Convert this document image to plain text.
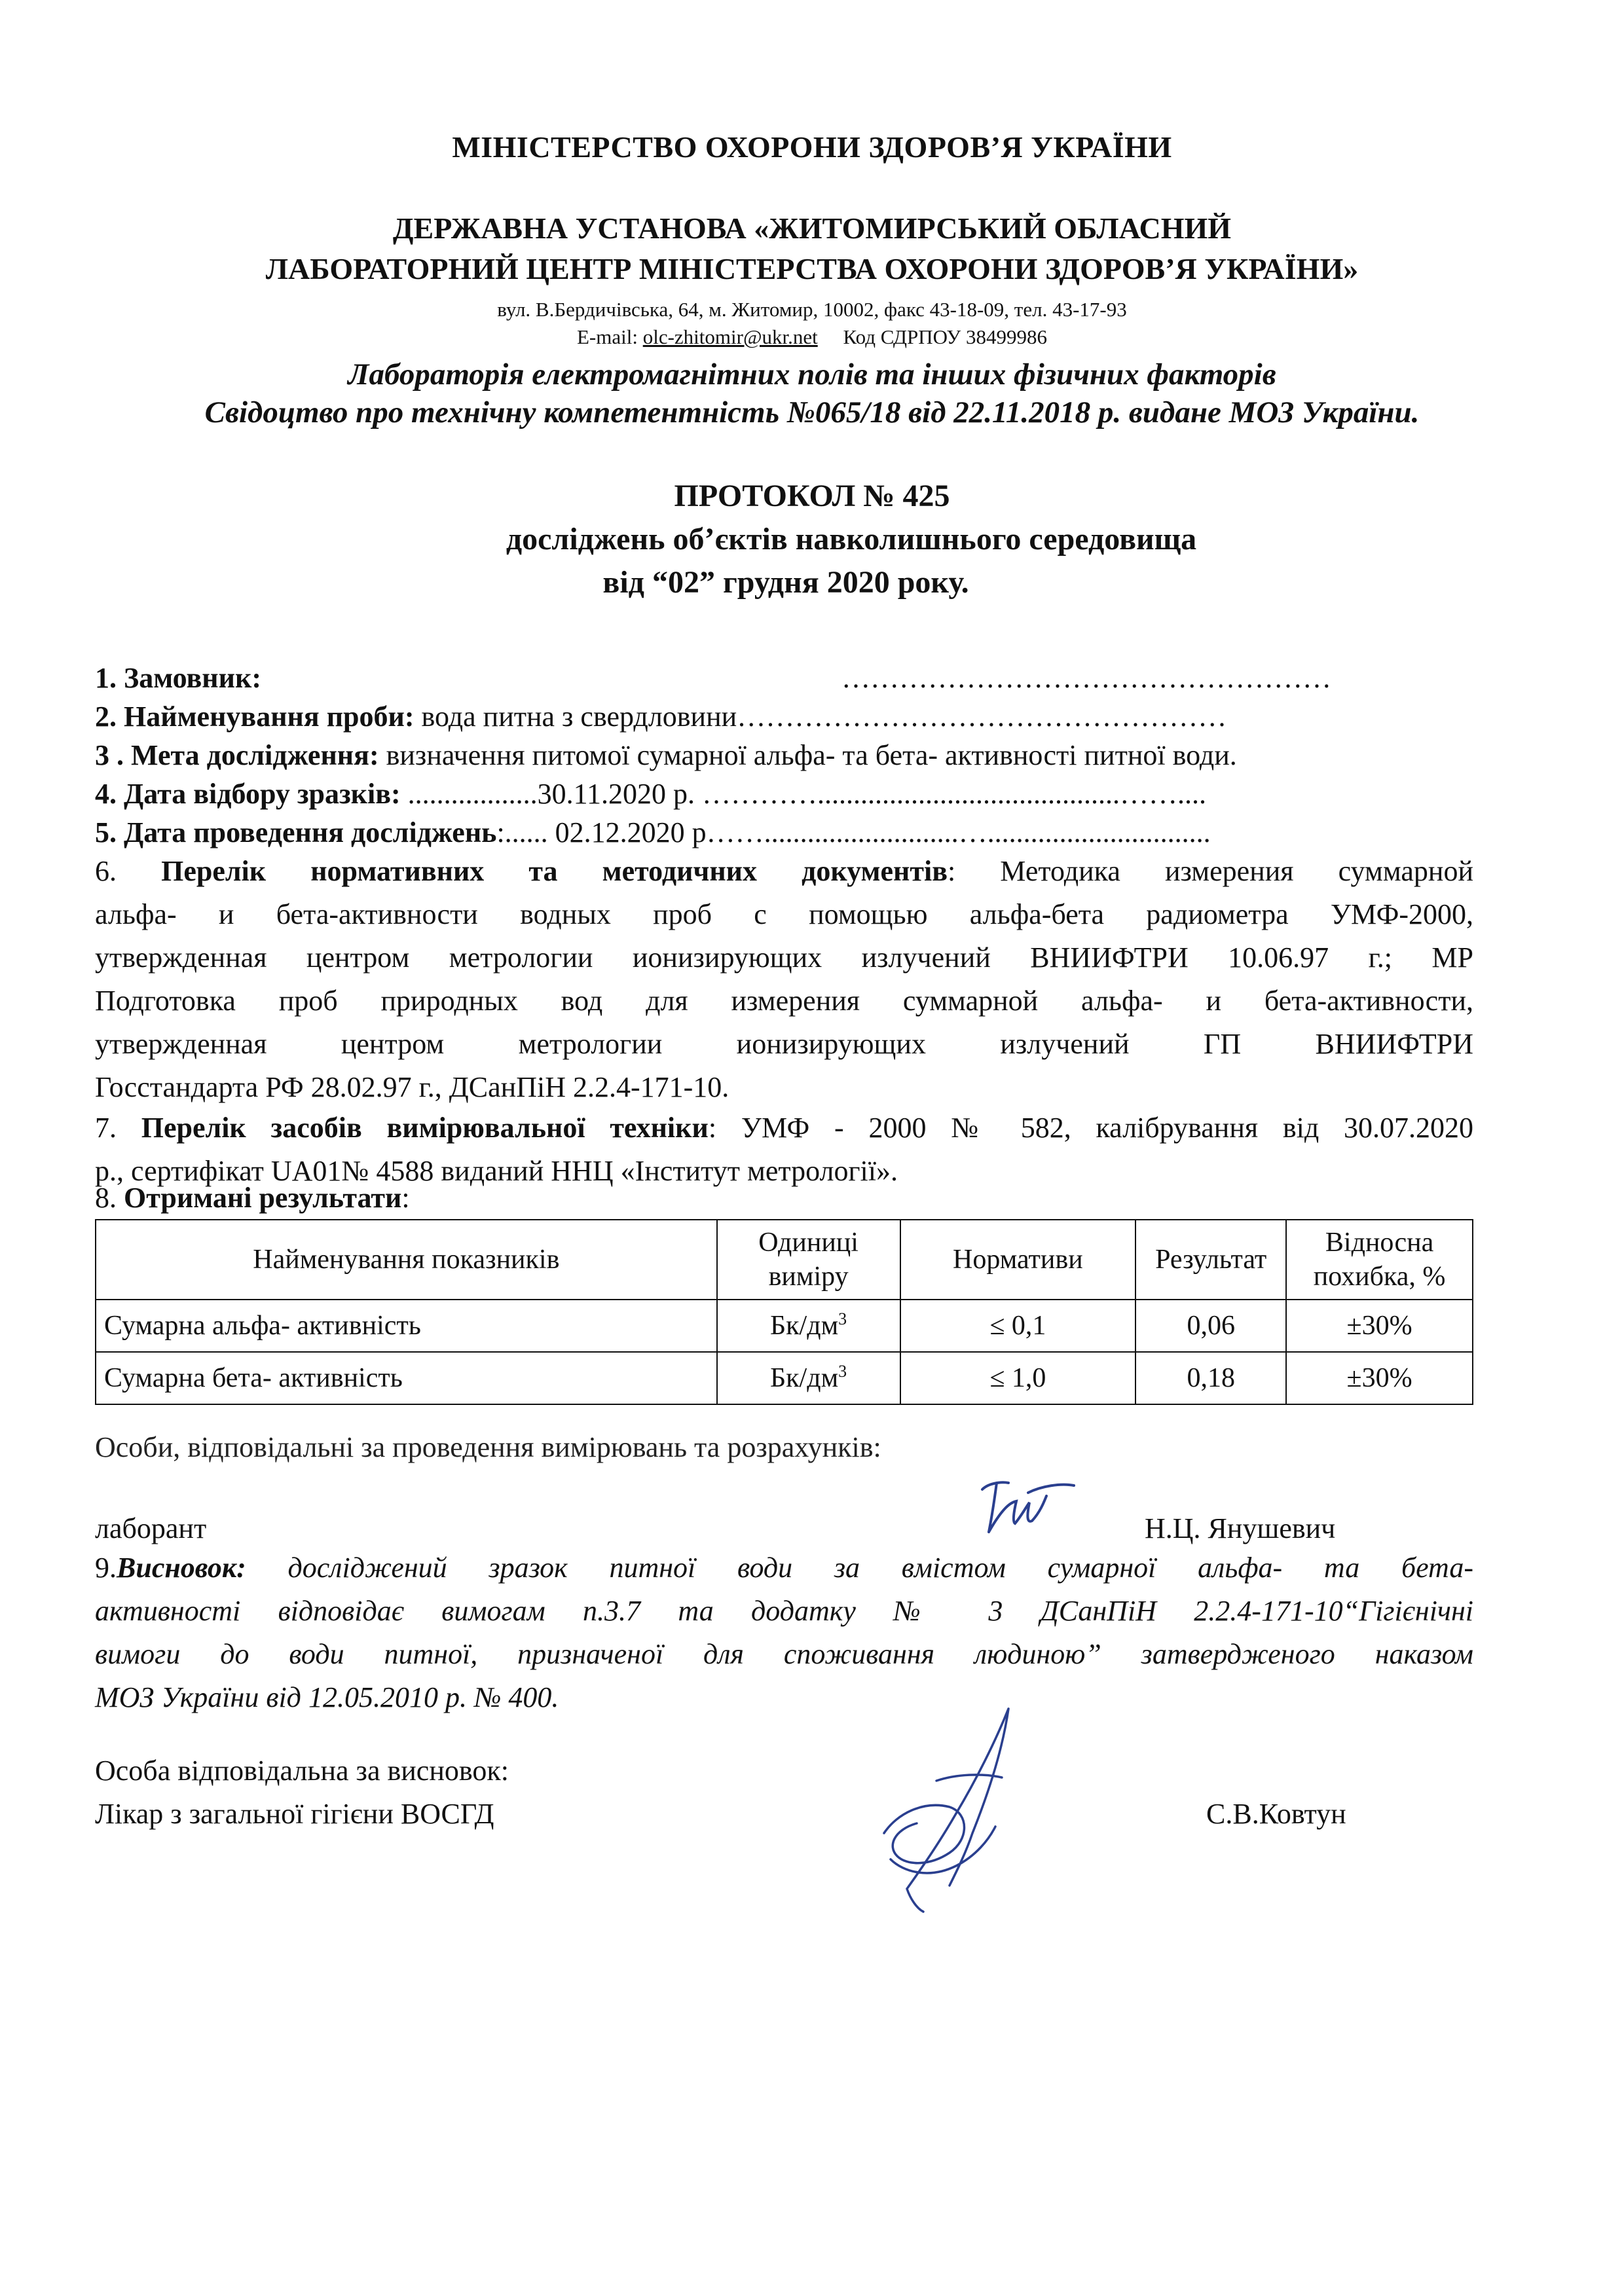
МІНІСТЕРСТВО ОХОРОНИ ЗДОРОВ’Я УКРАЇНИ
ДЕРЖАВНА УСТАНОВА «ЖИТОМИРСЬКИЙ ОБЛАСНИЙ
ЛАБОРАТОРНИЙ ЦЕНТР МІНІСТЕРСТВА ОХОРОНИ ЗДОРОВ’Я УКРАЇНИ»
вул. В.Бердичівська, 64, м. Житомир, 10002, факс 43-18-09, тел. 43-17-93
E-mail: olc-zhitomir@ukr.net Код СДРПОУ 38499986
Лабораторія електромагнітних полів та інших фізичних факторів
Свідоцтво про технічну компетентність №065/18 від 22.11.2018 р. видане МОЗ України.
ПРОТОКОЛ № 425
досліджень об’єктів навколишнього середовища
від “02” грудня 2020 року.
1. Замовник:	……………………………………………
2. Найменування проби: вода питна з свердловини……………………………………………
3 . Мета дослідження: визначення питомої сумарної альфа- та бета- активності питної води.
4. Дата відбору зразків: ..................30.11.2020 р. …………..........................................……....
5. Дата проведення досліджень:...... 02.12.2020 р……...........................…...............................
6. Перелік нормативних та методичних документів: Методика измерения суммарной
альфа- и бета-активности водных проб с помощью альфа-бета радиометра УМФ-2000,
утвержденная центром метрологии ионизирующих излучений ВНИИФТРИ 10.06.97 г.; МР
Подготовка проб природных вод для измерения суммарной альфа- и бета-активности,
утвержденная центром метрологии ионизирующих излучений ГП ВНИИФТРИ
Госстандарта РФ 28.02.97 г., ДСанПіН 2.2.4-171-10.
7. Перелік засобів вимірювальної техніки: УМФ - 2000 № 582, калібрування від 30.07.2020
р., сертифікат UA01№ 4588 виданий ННЦ «Інститут метрології».
8. Отримані результати:
Найменування показників	Одиниці
виміру	Нормативи	Результат	Відносна
похибка, %
Сумарна альфа- активність	$Бк/дм^3$	≤ 0,1	0,06	±30%
Сумарна бета- активність	$Бк/дм^3$	≤ 1,0	0,18	±30%
Особи, відповідальні за проведення вимірювань та розрахунків:
лаборант	Н.Ц. Янушевич
9.Висновок: досліджений зразок питної води за вмістом сумарної альфа- та бета-
активності відповідає вимогам п.3.7 та додатку № 3 ДСанПіН 2.2.4-171-10“Гігієнічні
вимоги до води питної, призначеної для споживання людиною” затвердженого наказом
МОЗ України від 12.05.2010 р. № 400.
Особа відповідальна за висновок:
Лікар з загальної гігієни ВОСГД	С.В.Ковтун
